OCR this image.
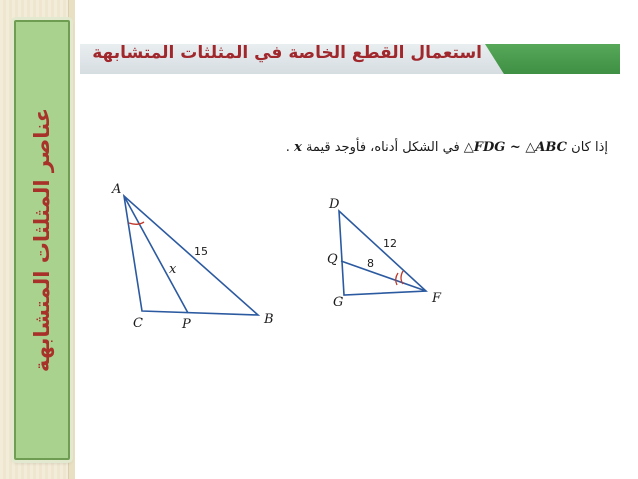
عناصر المثلثات المتشابهة
استعمال القطع الخاصة في المثلثات المتشابهة
مثال 1
إذا كان △FDG ~ △ABC في الشكل أدناه، فأوجد قيمة x .
A
B
C	P
15
x
D
F
G
Q
12
8
